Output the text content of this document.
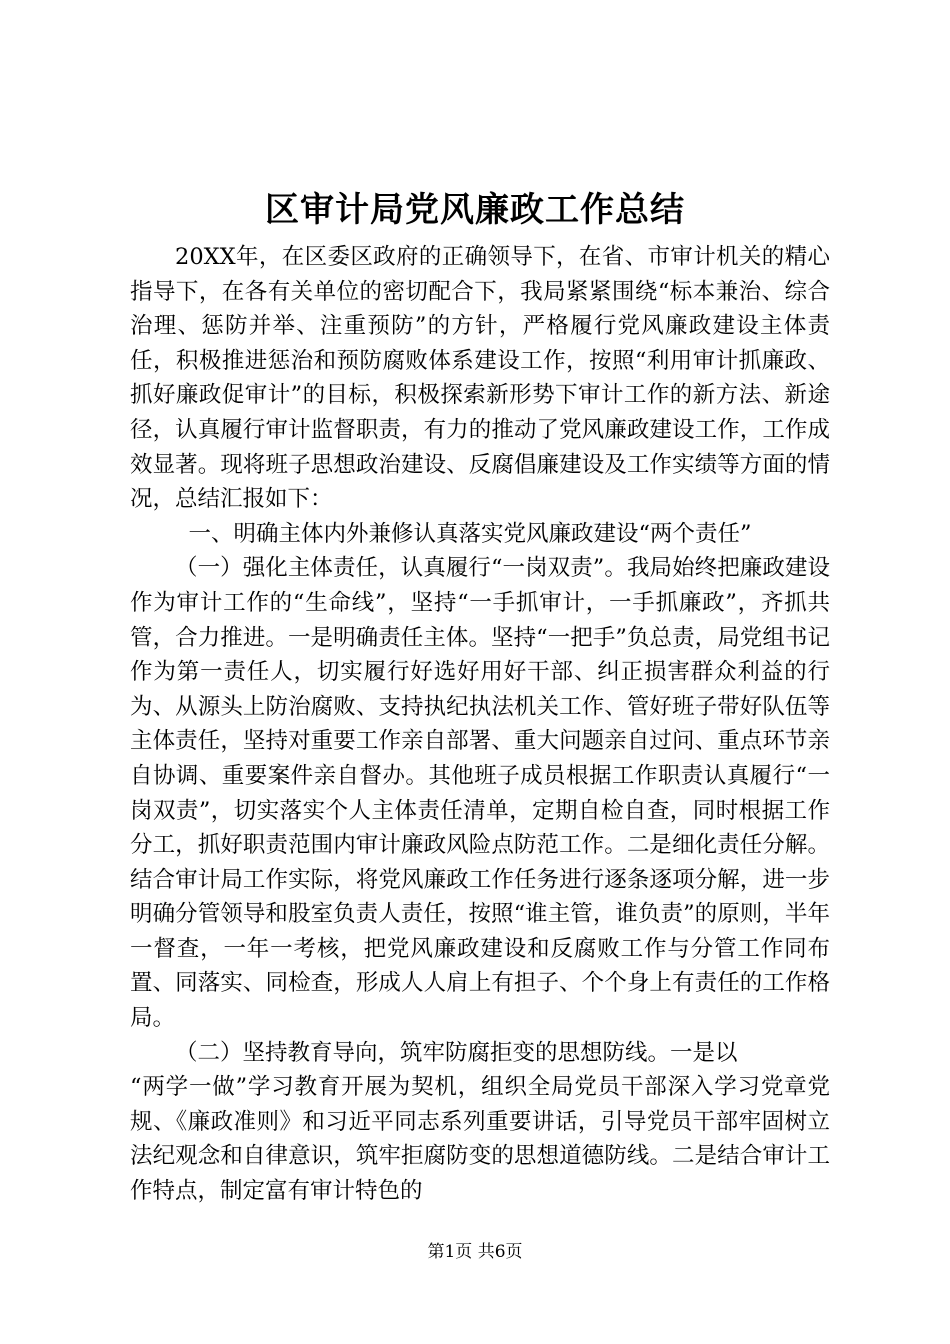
区审计局党风廉政工作总结

20XX年，在区委区政府的正确领导下，在省、市审计机关的精心指导下，在各有关单位的密切配合下，我局紧紧围绕“标本兼治、综合治理、惩防并举、注重预防”的方针，严格履行党风廉政建设主体责任，积极推进惩治和预防腐败体系建设工作，按照“利用审计抓廉政、抓好廉政促审计”的目标，积极探索新形势下审计工作的新方法、新途径，认真履行审计监督职责，有力的推动了党风廉政建设工作，工作成效显著。现将班子思想政治建设、反腐倡廉建设及工作实绩等方面的情况，总结汇报如下：

一、明确主体内外兼修认真落实党风廉政建设“两个责任”

（一）强化主体责任，认真履行“一岗双责”。我局始终把廉政建设作为审计工作的“生命线”，坚持“一手抓审计，一手抓廉政”，齐抓共管，合力推进。一是明确责任主体。坚持“一把手”负总责，局党组书记作为第一责任人，切实履行好选好用好干部、纠正损害群众利益的行为、从源头上防治腐败、支持执纪执法机关工作、管好班子带好队伍等主体责任，坚持对重要工作亲自部署、重大问题亲自过问、重点环节亲自协调、重要案件亲自督办。其他班子成员根据工作职责认真履行“一岗双责”，切实落实个人主体责任清单，定期自检自查，同时根据工作分工，抓好职责范围内审计廉政风险点防范工作。二是细化责任分解。结合审计局工作实际，将党风廉政工作任务进行逐条逐项分解，进一步明确分管领导和股室负责人责任，按照“谁主管，谁负责”的原则，半年一督查，一年一考核，把党风廉政建设和反腐败工作与分管工作同布置、同落实、同检查，形成人人肩上有担子、个个身上有责任的工作格局。

（二）坚持教育导向，筑牢防腐拒变的思想防线。一是以

“两学一做”学习教育开展为契机，组织全局党员干部深入学习党章党规、《廉政准则》和习近平同志系列重要讲话，引导党员干部牢固树立法纪观念和自律意识，筑牢拒腐防变的思想道德防线。二是结合审计工作特点，制定富有审计特色的

第1页 共6页
